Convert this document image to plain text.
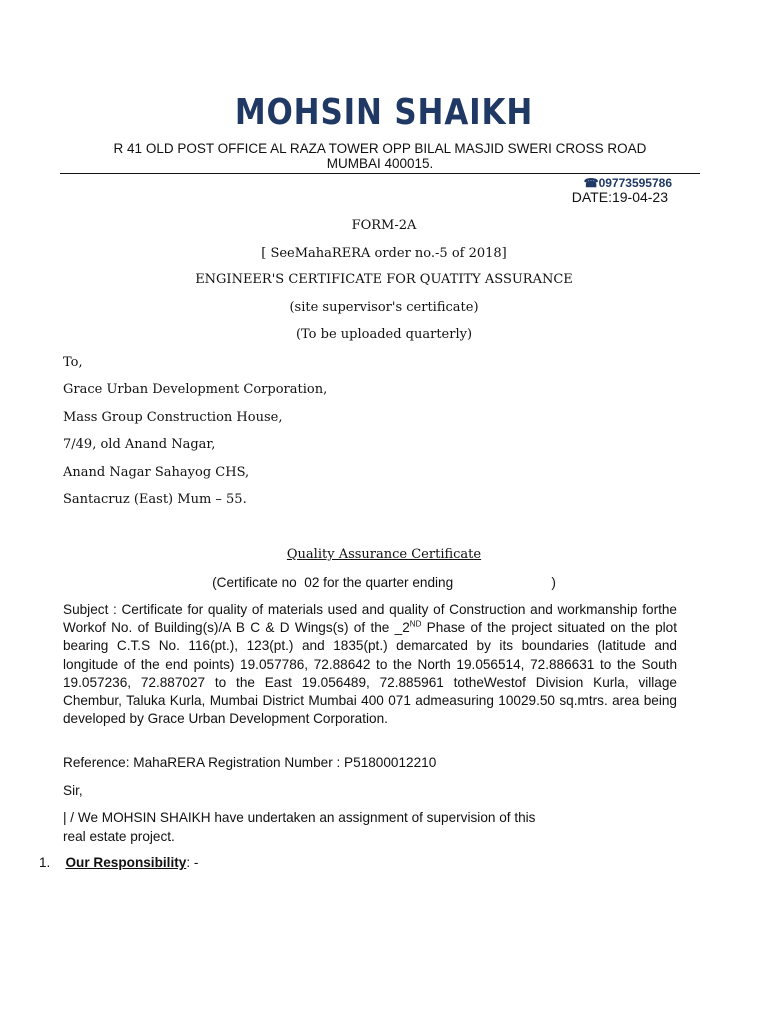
MOHSIN SHAIKH
R 41 OLD POST OFFICE AL RAZA TOWER OPP BILAL MASJID SWERI CROSS ROAD
MUMBAI 400015.
☎09773595786
DATE:19-04-23
FORM-2A
[ SeeMahaRERA order no.-5 of 2018]
ENGINEER'S CERTIFICATE FOR QUATITY ASSURANCE
(site supervisor's certificate)
(To be uploaded quarterly)
To,
Grace Urban Development Corporation,
Mass Group Construction House,
7/49, old Anand Nagar,
Anand Nagar Sahayog CHS,
Santacruz (East) Mum – 55.
Quality Assurance Certificate
(Certificate no  02 for the quarter ending                          )
Subject : Certificate for quality of materials used and quality of Construction and workmanship forthe Workof No. of Building(s)/A B C & D Wings(s) of the _2ND Phase of the project situated on the plot bearing C.T.S No. 116(pt.), 123(pt.) and 1835(pt.) demarcated by its boundaries (latitude and longitude of the end points) 19.057786, 72.88642 to the North 19.056514, 72.886631 to the South 19.057236, 72.887027 to the East 19.056489, 72.885961 totheWestof Division Kurla, village Chembur, Taluka Kurla, Mumbai District Mumbai 400 071 admeasuring 10029.50 sq.mtrs. area being developed by Grace Urban Development Corporation.
Reference: MahaRERA Registration Number : P51800012210
Sir,
| / We MOHSIN SHAIKH have undertaken an assignment of supervision of this
real estate project.
1. Our Responsibility: -
